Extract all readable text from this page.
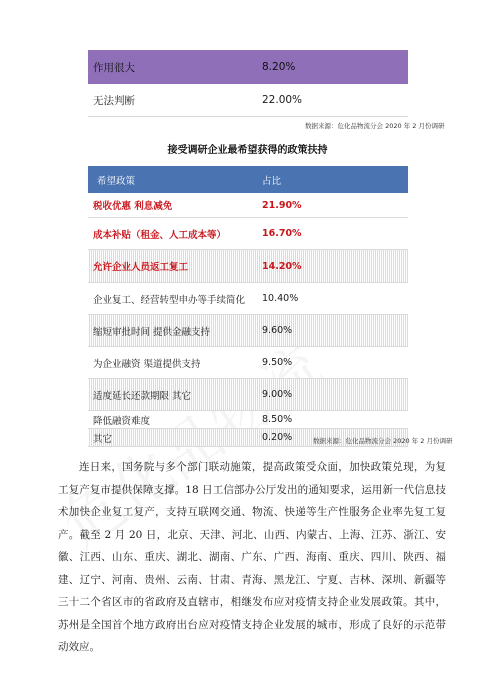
作用很大	8.20%
无法判断	22.00%
数据来源：危化品物流分会 2020 年 2 月份调研
接受调研企业最希望获得的政策扶持
希望政策	占比
税收优惠 利息减免	21.90%
成本补贴（租金、人工成本等）	16.70%
允许企业人员返工复工	14.20%
企业复工、经营转型申办等手续简化	10.40%
缩短审批时间 提供金融支持	9.60%
为企业融资 渠道提供支持	9.50%
适度延长还款期限 其它	9.00%
降低融资难度	8.50%
其它	0.20%	数据来源：危化品物流分会 2020 年 2 月份调研

连日来，国务院与多个部门联动施策，提高政策受众面，加快政策兑现，为复工复产复市提供保障支撑。18 日工信部办公厅发出的通知要求，运用新一代信息技术加快企业复工复产，支持互联网交通、物流、快递等生产性服务企业率先复工复产。截至 2 月 20 日，北京、天津、河北、山西、内蒙古、上海、江苏、浙江、安徽、江西、山东、重庆、湖北、湖南、广东、广西、海南、重庆、四川、陕西、福建、辽宁、河南、贵州、云南、甘肃、青海、黑龙江、宁夏、吉林、深圳、新疆等三十二个省区市的省政府及直辖市，相继发布应对疫情支持企业发展政策。其中，苏州是全国首个地方政府出台应对疫情支持企业发展的城市，形成了良好的示范带动效应。
